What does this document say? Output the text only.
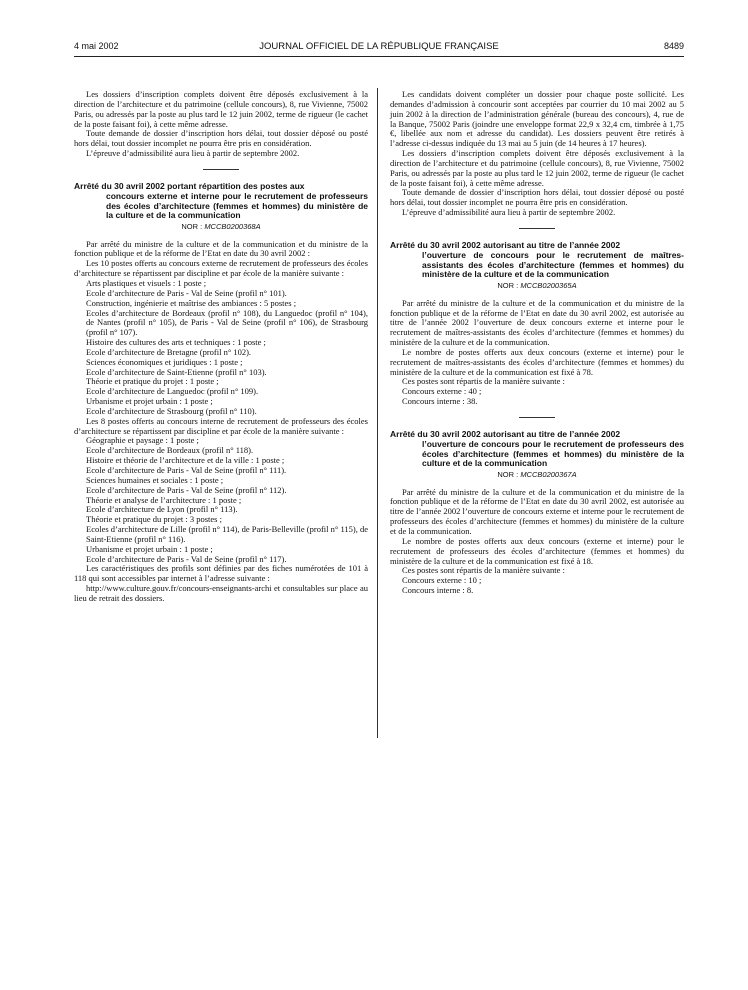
4 mai 2002	JOURNAL OFFICIEL DE LA RÉPUBLIQUE FRANÇAISE	8489

Les dossiers d’inscription complets doivent être déposés exclusivement à la direction de l’architecture et du patrimoine (cellule concours), 8, rue Vivienne, 75002 Paris, ou adressés par la poste au plus tard le 12 juin 2002, terme de rigueur (le cachet de la poste faisant foi), à cette même adresse.

Toute demande de dossier d’inscription hors délai, tout dossier déposé ou posté hors délai, tout dossier incomplet ne pourra être pris en considération.

L’épreuve d’admissibilité aura lieu à partir de septembre 2002.

Arrêté du 30 avril 2002 portant répartition des postes aux
concours externe et interne pour le recrutement de professeurs des écoles d’architecture (femmes et hommes) du ministère de la culture et de la communication
NOR : MCCB0200368A

Par arrêté du ministre de la culture et de la communication et du ministre de la fonction publique et de la réforme de l’Etat en date du 30 avril 2002 :

Les 10 postes offerts au concours externe de recrutement de professeurs des écoles d’architecture se répartissent par discipline et par école de la manière suivante :

Arts plastiques et visuels : 1 poste ;

Ecole d’architecture de Paris - Val de Seine (profil n° 101).

Construction, ingénierie et maîtrise des ambiances : 5 postes ;

Ecoles d’architecture de Bordeaux (profil n° 108), du Languedoc (profil n° 104), de Nantes (profil n° 105), de Paris - Val de Seine (profil n° 106), de Strasbourg (profil n° 107).

Histoire des cultures des arts et techniques : 1 poste ;

Ecole d’architecture de Bretagne (profil n° 102).

Sciences économiques et juridiques : 1 poste ;

Ecole d’architecture de Saint-Etienne (profil n° 103).

Théorie et pratique du projet : 1 poste ;

Ecole d’architecture de Languedoc (profil n° 109).

Urbanisme et projet urbain : 1 poste ;

Ecole d’architecture de Strasbourg (profil n° 110).

Les 8 postes offerts au concours interne de recrutement de professeurs des écoles d’architecture se répartissent par discipline et par école de la manière suivante :

Géographie et paysage : 1 poste ;

Ecole d’architecture de Bordeaux (profil n° 118).

Histoire et théorie de l’architecture et de la ville : 1 poste ;

Ecole d’architecture de Paris - Val de Seine (profil n° 111).

Sciences humaines et sociales : 1 poste ;

Ecole d’architecture de Paris - Val de Seine (profil n° 112).

Théorie et analyse de l’architecture : 1 poste ;

Ecole d’architecture de Lyon (profil n° 113).

Théorie et pratique du projet : 3 postes ;

Ecoles d’architecture de Lille (profil n° 114), de Paris-Belleville (profil n° 115), de Saint-Etienne (profil n° 116).

Urbanisme et projet urbain : 1 poste ;

Ecole d’architecture de Paris - Val de Seine (profil n° 117).

Les caractéristiques des profils sont définies par des fiches numérotées de 101 à 118 qui sont accessibles par internet à l’adresse suivante :

http://www.culture.gouv.fr/concours-enseignants-archi et consultables sur place au lieu de retrait des dossiers.

Les candidats doivent compléter un dossier pour chaque poste sollicité. Les demandes d’admission à concourir sont acceptées par courrier du 10 mai 2002 au 5 juin 2002 à la direction de l’administration générale (bureau des concours), 4, rue de la Banque, 75002 Paris (joindre une enveloppe format 22,9 x 32,4 cm, timbrée à 1,75 €, libellée aux nom et adresse du candidat). Les dossiers peuvent être retirés à l’adresse ci-dessus indiquée du 13 mai au 5 juin (de 14 heures à 17 heures).

Les dossiers d’inscription complets doivent être déposés exclusivement à la direction de l’architecture et du patrimoine (cellule concours), 8, rue Vivienne, 75002 Paris, ou adressés par la poste au plus tard le 12 juin 2002, terme de rigueur (le cachet de la poste faisant foi), à cette même adresse.

Toute demande de dossier d’inscription hors délai, tout dossier déposé ou posté hors délai, tout dossier incomplet ne pourra être pris en considération.

L’épreuve d’admissibilité aura lieu à partir de septembre 2002.

Arrêté du 30 avril 2002 autorisant au titre de l’année 2002
l’ouverture de concours pour le recrutement de maîtres-assistants des écoles d’architecture (femmes et hommes) du ministère de la culture et de la communication
NOR : MCCB0200365A

Par arrêté du ministre de la culture et de la communication et du ministre de la fonction publique et de la réforme de l’Etat en date du 30 avril 2002, est autorisée au titre de l’année 2002 l’ouverture de deux concours externe et interne pour le recrutement de maîtres-assistants des écoles d’architecture (femmes et hommes) du ministère de la culture et de la communication.

Le nombre de postes offerts aux deux concours (externe et interne) pour le recrutement de maîtres-assistants des écoles d’architecture (femmes et hommes) du ministère de la culture et de la communication est fixé à 78.

Ces postes sont répartis de la manière suivante :

Concours externe : 40 ;

Concours interne : 38.

Arrêté du 30 avril 2002 autorisant au titre de l’année 2002
l’ouverture de concours pour le recrutement de professeurs des écoles d’architecture (femmes et hommes) du ministère de la culture et de la communication
NOR : MCCB0200367A

Par arrêté du ministre de la culture et de la communication et du ministre de la fonction publique et de la réforme de l’Etat en date du 30 avril 2002, est autorisée au titre de l’année 2002 l’ouverture de concours externe et interne pour le recrutement de professeurs des écoles d’architecture (femmes et hommes) du ministère de la culture et de la communication.

Le nombre de postes offerts aux deux concours (externe et interne) pour le recrutement de professeurs des écoles d’architecture (femmes et hommes) du ministère de la culture et de la communication est fixé à 18.

Ces postes sont répartis de la manière suivante :

Concours externe : 10 ;

Concours interne : 8.
